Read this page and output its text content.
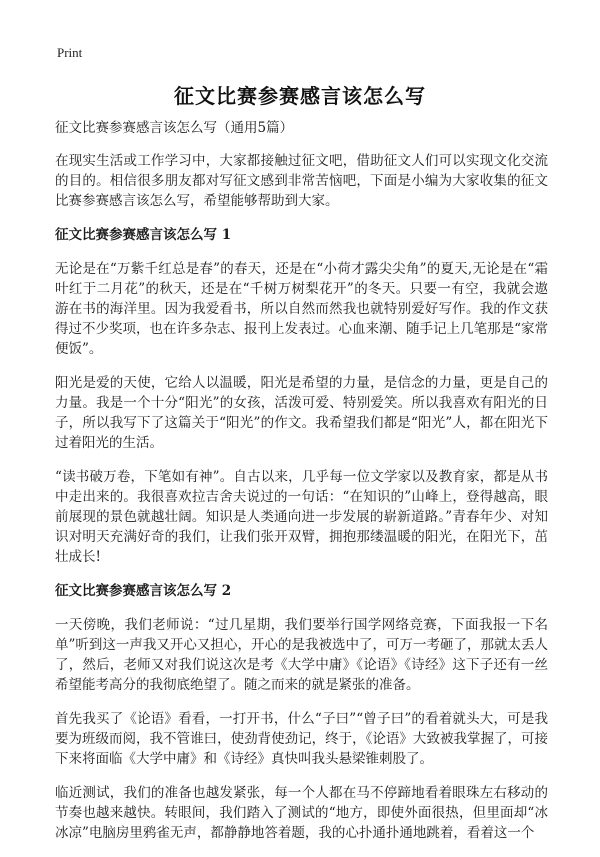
Print
征文比赛参赛感言该怎么写

征文比赛参赛感言该怎么写（通用5篇）

在现实生活或工作学习中，大家都接触过征文吧，借助征文人们可以实现文化交流的目的。相信很多朋友都对写征文感到非常苦恼吧，下面是小编为大家收集的征文比赛参赛感言该怎么写，希望能够帮助到大家。

征文比赛参赛感言该怎么写 1

无论是在“万紫千红总是春”的春天，还是在“小荷才露尖尖角”的夏天,无论是在“霜叶红于二月花”的秋天，还是在“千树万树梨花开”的冬天。只要一有空，我就会遨游在书的海洋里。因为我爱看书，所以自然而然我也就特别爱好写作。我的作文获得过不少奖项，也在许多杂志、报刊上发表过。心血来潮、随手记上几笔那是“家常便饭”。

阳光是爱的天使，它给人以温暖，阳光是希望的力量，是信念的力量，更是自己的力量。我是一个十分“阳光”的女孩，活泼可爱、特别爱笑。所以我喜欢有阳光的日子，所以我写下了这篇关于“阳光”的作文。我希望我们都是“阳光”人，都在阳光下过着阳光的生活。

“读书破万卷，下笔如有神”。自古以来，几乎每一位文学家以及教育家，都是从书中走出来的。我很喜欢拉吉舍夫说过的一句话：“在知识的”山峰上，登得越高，眼前展现的景色就越壮阔。知识是人类通向进一步发展的崭新道路。”青春年少、对知识对明天充满好奇的我们，让我们张开双臂，拥抱那缕温暖的阳光，在阳光下，茁壮成长!

征文比赛参赛感言该怎么写 2

一天傍晚，我们老师说：“过几星期，我们要举行国学网络竞赛，下面我报一下名单”听到这一声我又开心又担心，开心的是我被选中了，可万一考砸了，那就太丢人了，然后，老师又对我们说这次是考《大学中庸》《论语》《诗经》这下子还有一丝希望能考高分的我彻底绝望了。随之而来的就是紧张的准备。

首先我买了《论语》看看，一打开书，什么“子曰”“曾子曰”的看着就头大，可是我要为班级而阅，我不管谁曰，使劲背使劲记，终于，《论语》大致被我掌握了，可接下来将面临《大学中庸》和《诗经》真快叫我头悬梁锥刺股了。

临近测试，我们的准备也越发紧张，每一个人都在马不停蹄地看着眼珠左右移动的节奏也越来越快。转眼间，我们踏入了测试的“地方，即使外面很热，但里面却“冰冰凉”电脑房里鸦雀无声，都静静地答着题，我的心扑通扑通地跳着，看着这一个
